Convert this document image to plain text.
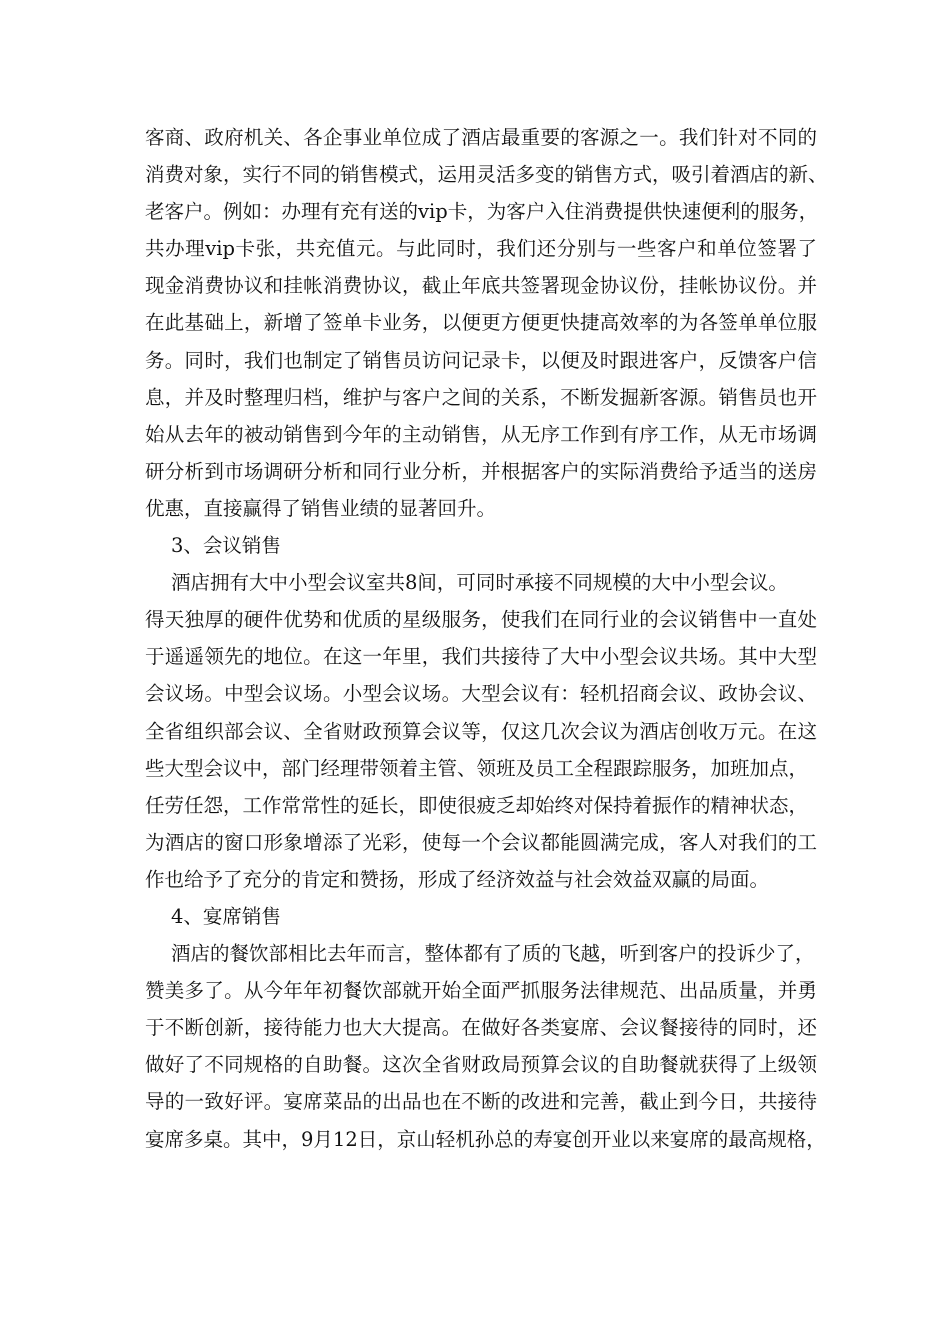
客商、政府机关、各企事业单位成了酒店最重要的客源之一。我们针对不同的
消费对象，实行不同的销售模式，运用灵活多变的销售方式，吸引着酒店的新、
老客户。例如：办理有充有送的vip卡，为客户入住消费提供快速便利的服务，
共办理vip卡张，共充值元。与此同时，我们还分别与一些客户和单位签署了
现金消费协议和挂帐消费协议，截止年底共签署现金协议份，挂帐协议份。并
在此基础上，新增了签单卡业务，以便更方便更快捷高效率的为各签单单位服
务。同时，我们也制定了销售员访问记录卡，以便及时跟进客户，反馈客户信
息，并及时整理归档，维护与客户之间的关系，不断发掘新客源。销售员也开
始从去年的被动销售到今年的主动销售，从无序工作到有序工作，从无市场调
研分析到市场调研分析和同行业分析，并根据客户的实际消费给予适当的送房
优惠，直接赢得了销售业绩的显著回升。
3、会议销售
酒店拥有大中小型会议室共8间，可同时承接不同规模的大中小型会议。
得天独厚的硬件优势和优质的星级服务，使我们在同行业的会议销售中一直处
于遥遥领先的地位。在这一年里，我们共接待了大中小型会议共场。其中大型
会议场。中型会议场。小型会议场。大型会议有：轻机招商会议、政协会议、
全省组织部会议、全省财政预算会议等，仅这几次会议为酒店创收万元。在这
些大型会议中，部门经理带领着主管、领班及员工全程跟踪服务，加班加点，
任劳任怨，工作常常性的延长，即使很疲乏却始终对保持着振作的精神状态，
为酒店的窗口形象增添了光彩，使每一个会议都能圆满完成，客人对我们的工
作也给予了充分的肯定和赞扬，形成了经济效益与社会效益双赢的局面。
4、宴席销售
酒店的餐饮部相比去年而言，整体都有了质的飞越，听到客户的投诉少了，
赞美多了。从今年年初餐饮部就开始全面严抓服务法律规范、出品质量，并勇
于不断创新，接待能力也大大提高。在做好各类宴席、会议餐接待的同时，还
做好了不同规格的自助餐。这次全省财政局预算会议的自助餐就获得了上级领
导的一致好评。宴席菜品的出品也在不断的改进和完善，截止到今日，共接待
宴席多桌。其中，9月12日，京山轻机孙总的寿宴创开业以来宴席的最高规格，
